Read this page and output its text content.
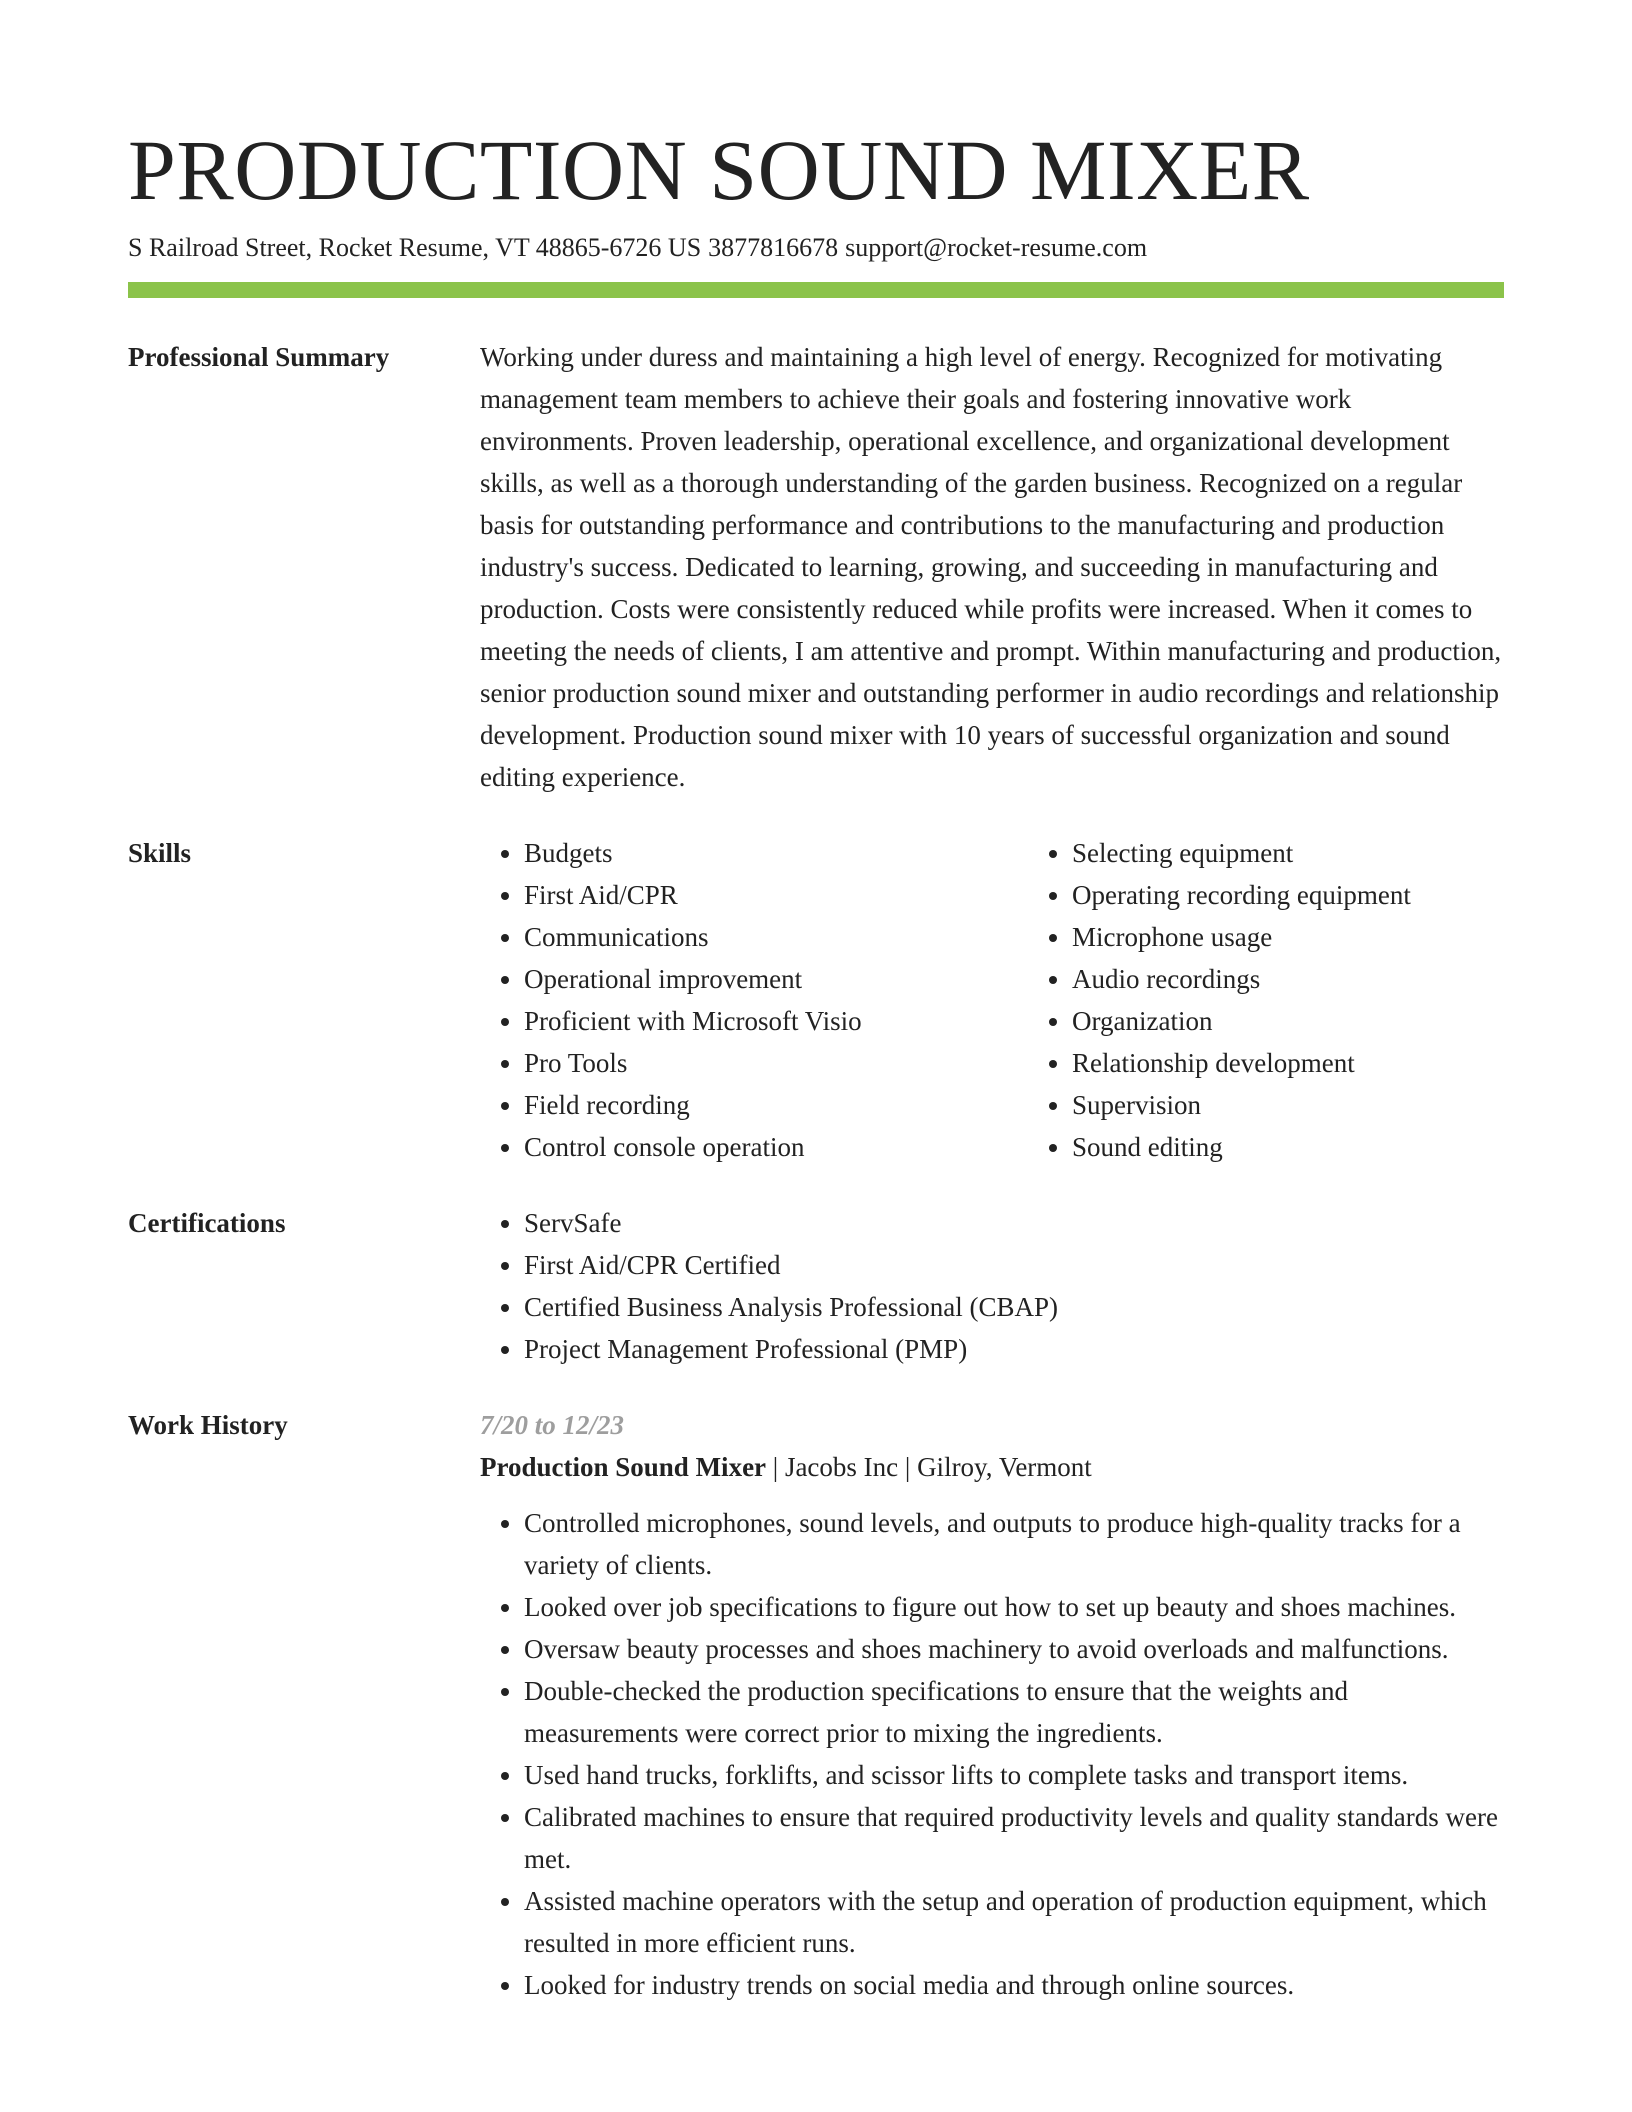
PRODUCTION SOUND MIXER
S Railroad Street, Rocket Resume, VT 48865-6726 US 3877816678 support@rocket-resume.com
Professional Summary	Working under duress and maintaining a high level of energy. Recognized for motivating management team members to achieve their goals and fostering innovative work environments. Proven leadership, operational excellence, and organizational development skills, as well as a thorough understanding of the garden business. Recognized on a regular basis for outstanding performance and contributions to the manufacturing and production industry's success. Dedicated to learning, growing, and succeeding in manufacturing and production. Costs were consistently reduced while profits were increased. When it comes to meeting the needs of clients, I am attentive and prompt. Within manufacturing and production, senior production sound mixer and outstanding performer in audio recordings and relationship development. Production sound mixer with 10 years of successful organization and sound editing experience.

Skills	• Budgets
• First Aid/CPR
• Communications
• Operational improvement
• Proficient with Microsoft Visio
• Pro Tools
• Field recording
• Control console operation
• Selecting equipment
• Operating recording equipment
• Microphone usage
• Audio recordings
• Organization
• Relationship development
• Supervision
• Sound editing
Certifications	• ServSafe
• First Aid/CPR Certified
• Certified Business Analysis Professional (CBAP)
• Project Management Professional (PMP)
Work History	7/20 to 12/23
Production Sound Mixer | Jacobs Inc | Gilroy, Vermont
• Controlled microphones, sound levels, and outputs to produce high-quality tracks for a variety of clients.
• Looked over job specifications to figure out how to set up beauty and shoes machines.
• Oversaw beauty processes and shoes machinery to avoid overloads and malfunctions.
• Double-checked the production specifications to ensure that the weights and measurements were correct prior to mixing the ingredients.
• Used hand trucks, forklifts, and scissor lifts to complete tasks and transport items.
• Calibrated machines to ensure that required productivity levels and quality standards were met.
• Assisted machine operators with the setup and operation of production equipment, which resulted in more efficient runs.
• Looked for industry trends on social media and through online sources.
